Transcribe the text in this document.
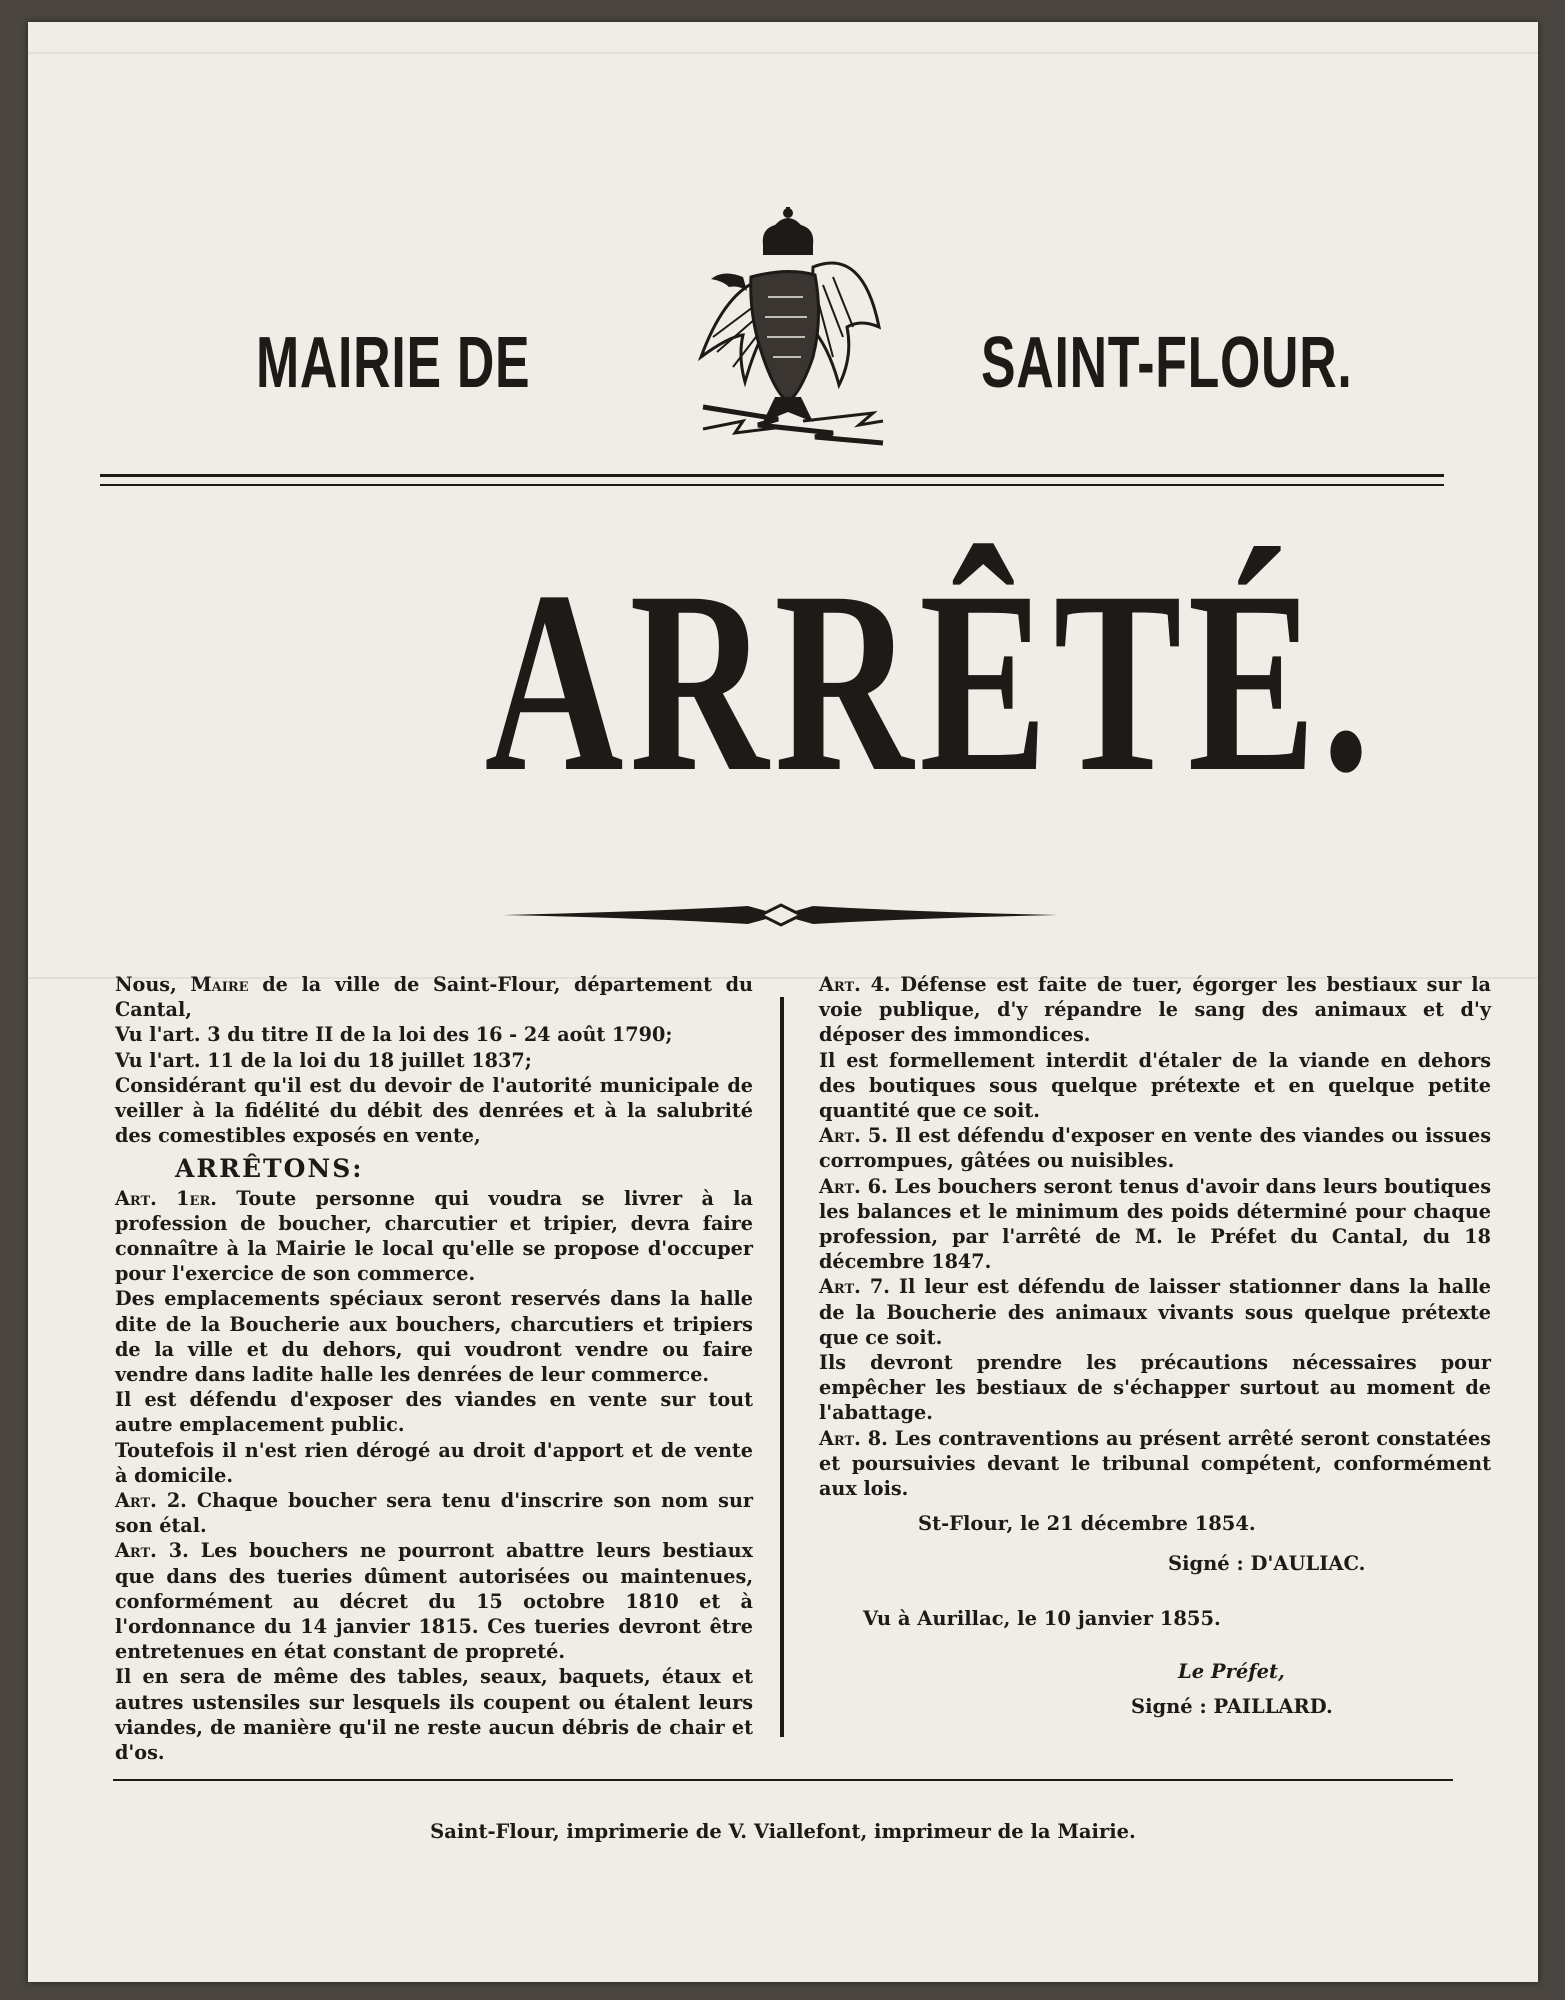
MAIRIE DE	SAINT-FLOUR.
ARRÊTÉ.

Nous, Maire de la ville de Saint-Flour, département du Cantal,

Vu l'art. 3 du titre II de la loi des 16 - 24 août 1790;

Vu l'art. 11 de la loi du 18 juillet 1837;

Considérant qu'il est du devoir de l'autorité municipale de veiller à la fidélité du débit des denrées et à la salubrité des comestibles exposés en vente,

ARRÊTONS:

Art. 1er. Toute personne qui voudra se livrer à la profession de boucher, charcutier et tripier, devra faire connaître à la Mairie le local qu'elle se propose d'occuper pour l'exercice de son commerce.

Des emplacements spéciaux seront reservés dans la halle dite de la Boucherie aux bouchers, charcutiers et tripiers de la ville et du dehors, qui voudront vendre ou faire vendre dans ladite halle les denrées de leur commerce.

Il est défendu d'exposer des viandes en vente sur tout autre emplacement public.

Toutefois il n'est rien dérogé au droit d'apport et de vente à domicile.

Art. 2. Chaque boucher sera tenu d'inscrire son nom sur son étal.

Art. 3. Les bouchers ne pourront abattre leurs bestiaux que dans des tueries dûment autorisées ou maintenues, conformément au décret du 15 octobre 1810 et à l'ordonnance du 14 janvier 1815. Ces tueries devront être entretenues en état constant de propreté.

Il en sera de même des tables, seaux, baquets, étaux et autres ustensiles sur lesquels ils coupent ou étalent leurs viandes, de manière qu'il ne reste aucun débris de chair et d'os.

Art. 4. Défense est faite de tuer, égorger les bestiaux sur la voie publique, d'y répandre le sang des animaux et d'y déposer des immondices.

Il est formellement interdit d'étaler de la viande en dehors des boutiques sous quelque prétexte et en quelque petite quantité que ce soit.

Art. 5. Il est défendu d'exposer en vente des viandes ou issues corrompues, gâtées ou nuisibles.

Art. 6. Les bouchers seront tenus d'avoir dans leurs boutiques les balances et le minimum des poids déterminé pour chaque profession, par l'arrêté de M. le Préfet du Cantal, du 18 décembre 1847.

Art. 7. Il leur est défendu de laisser stationner dans la halle de la Boucherie des animaux vivants sous quelque prétexte que ce soit.

Ils devront prendre les précautions nécessaires pour empêcher les bestiaux de s'échapper surtout au moment de l'abattage.

Art. 8. Les contraventions au présent arrêté seront constatées et poursuivies devant le tribunal compétent, conformément aux lois.

St-Flour, le 21 décembre 1854.
Signé : D'AULIAC.
Vu à Aurillac, le 10 janvier 1855.
Le Préfet,
Signé : PAILLARD.
Saint-Flour, imprimerie de V. Viallefont, imprimeur de la Mairie.
